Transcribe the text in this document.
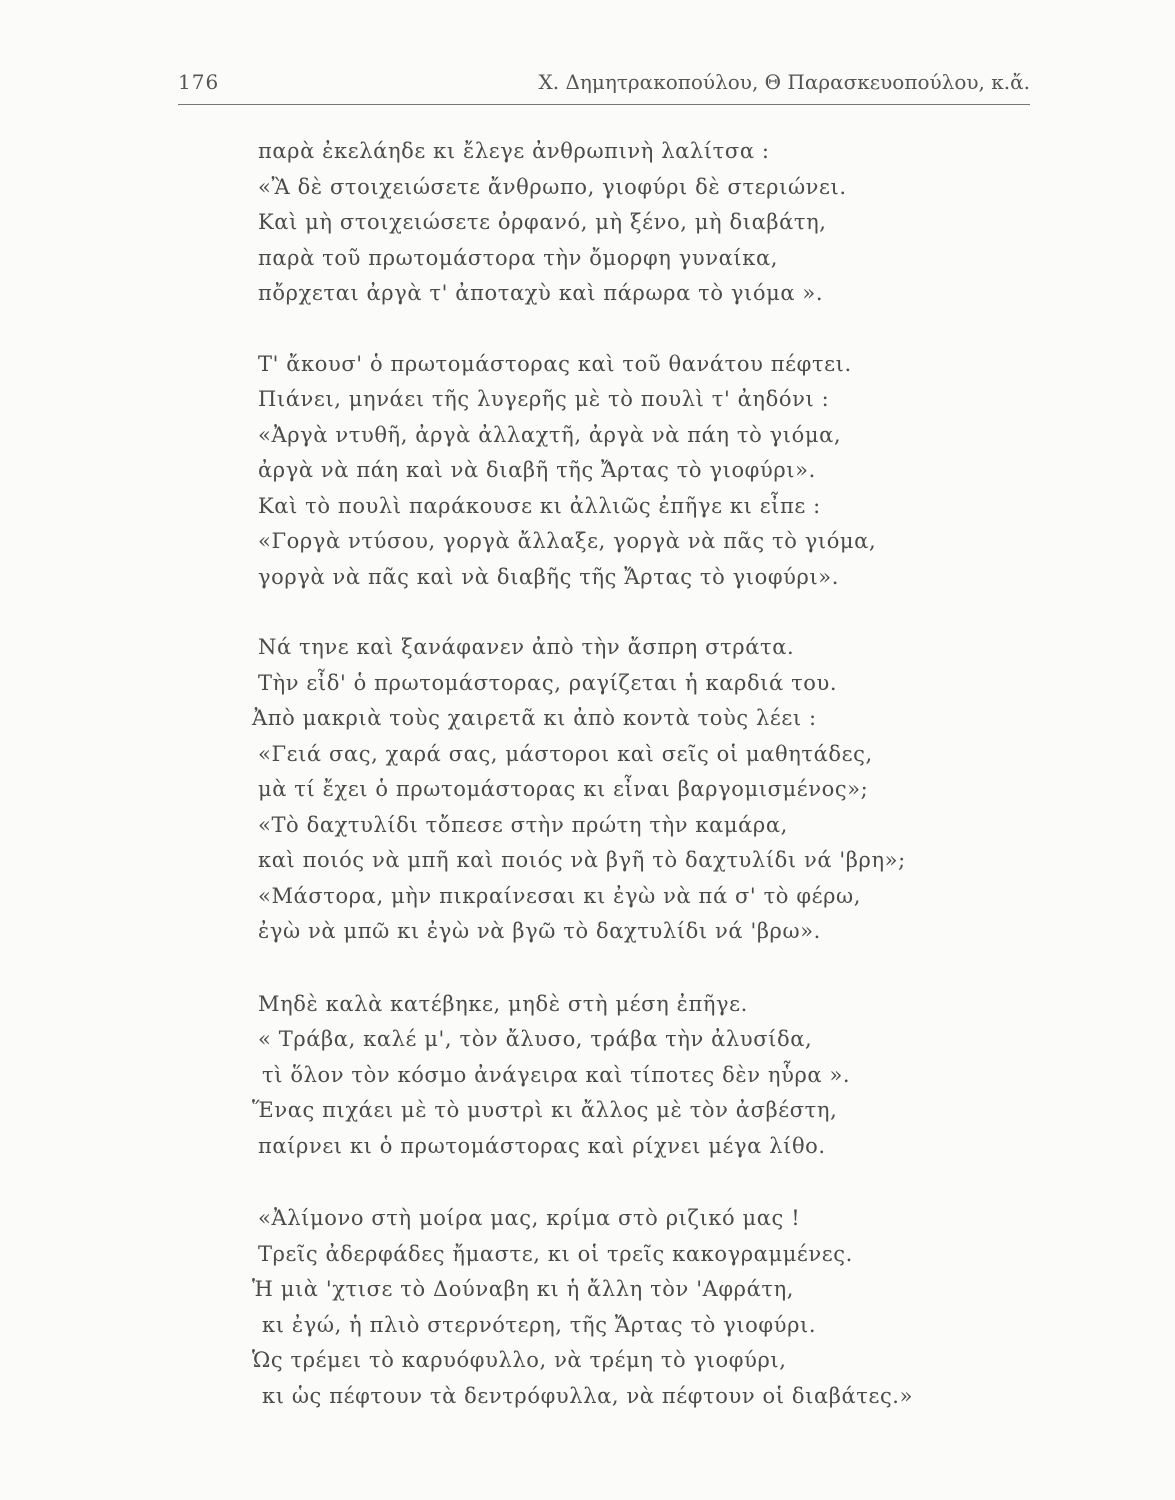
176	Χ. Δημητρακοπούλου, Θ Παρασκευοπούλου, κ.ἄ.
παρὰ ἐκελάηδε κι ἔλεγε ἀνθρωπινὴ λαλίτσα :
«Ἂ δὲ στοιχειώσετε ἄνθρωπο, γιοφύρι δὲ στεριώνει.
Καὶ μὴ στοιχειώσετε ὀρφανό, μὴ ξένο, μὴ διαβάτη,
παρὰ τοῦ πρωτομάστορα τὴν ὄμορφη γυναίκα,
πὄρχεται ἀργὰ τ' ἀποταχὺ καὶ πάρωρα τὸ γιόμα ».
Τ' ἄκουσ' ὁ πρωτομάστορας καὶ τοῦ θανάτου πέφτει.
Πιάνει, μηνάει τῆς λυγερῆς μὲ τὸ πουλὶ τ' ἀηδόνι :
«Ἀργὰ ντυθῆ, ἀργὰ ἀλλαχτῆ, ἀργὰ νὰ πάη τὸ γιόμα,
ἀργὰ νὰ πάη καὶ νὰ διαβῆ τῆς Ἄρτας τὸ γιοφύρι».
Καὶ τὸ πουλὶ παράκουσε κι ἀλλιῶς ἐπῆγε κι εἶπε :
«Γοργὰ ντύσου, γοργὰ ἄλλαξε, γοργὰ νὰ πᾶς τὸ γιόμα,
γοργὰ νὰ πᾶς καὶ νὰ διαβῆς τῆς Ἄρτας τὸ γιοφύρι».
Νά τηνε καὶ ξανάφανεν ἀπὸ τὴν ἄσπρη στράτα.
Τὴν εἶδ' ὁ πρωτομάστορας, ραγίζεται ἡ καρδιά του.
Ἀπὸ μακριὰ τοὺς χαιρετᾶ κι ἀπὸ κοντὰ τοὺς λέει :
«Γειά σας, χαρά σας, μάστοροι καὶ σεῖς οἱ μαθητάδες,
μὰ τί ἔχει ὁ πρωτομάστορας κι εἶναι βαργομισμένος»;
«Τὸ δαχτυλίδι τὄπεσε στὴν πρώτη τὴν καμάρα,
καὶ ποιός νὰ μπῆ καὶ ποιός νὰ βγῆ τὸ δαχτυλίδι νά 'βρη»;
«Μάστορα, μὴν πικραίνεσαι κι ἐγὼ νὰ πά σ' τὸ φέρω,
ἐγὼ νὰ μπῶ κι ἐγὼ νὰ βγῶ τὸ δαχτυλίδι νά 'βρω».
Μηδὲ καλὰ κατέβηκε, μηδὲ στὴ μέση ἐπῆγε.
« Τράβα, καλέ μ', τὸν ἄλυσο, τράβα τὴν ἀλυσίδα,
τὶ ὅλον τὸν κόσμο ἀνάγειρα καὶ τίποτες δὲν ηὗρα ».
Ἕνας πιχάει μὲ τὸ μυστρὶ κι ἄλλος μὲ τὸν ἀσβέστη,
παίρνει κι ὁ πρωτομάστορας καὶ ρίχνει μέγα λίθο.
«Ἀλίμονο στὴ μοίρα μας, κρίμα στὸ ριζικό μας !
Τρεῖς ἀδερφάδες ἤμαστε, κι οἱ τρεῖς κακογραμμένες.
Ἡ μιὰ 'χτισε τὸ Δούναβη κι ἡ ἄλλη τὸν 'Αφράτη,
κι ἐγώ, ἡ πλιὸ στερνότερη, τῆς Ἄρτας τὸ γιοφύρι.
Ὡς τρέμει τὸ καρυόφυλλο, νὰ τρέμη τὸ γιοφύρι,
κι ὡς πέφτουν τὰ δεντρόφυλλα, νὰ πέφτουν οἱ διαβάτες.»
